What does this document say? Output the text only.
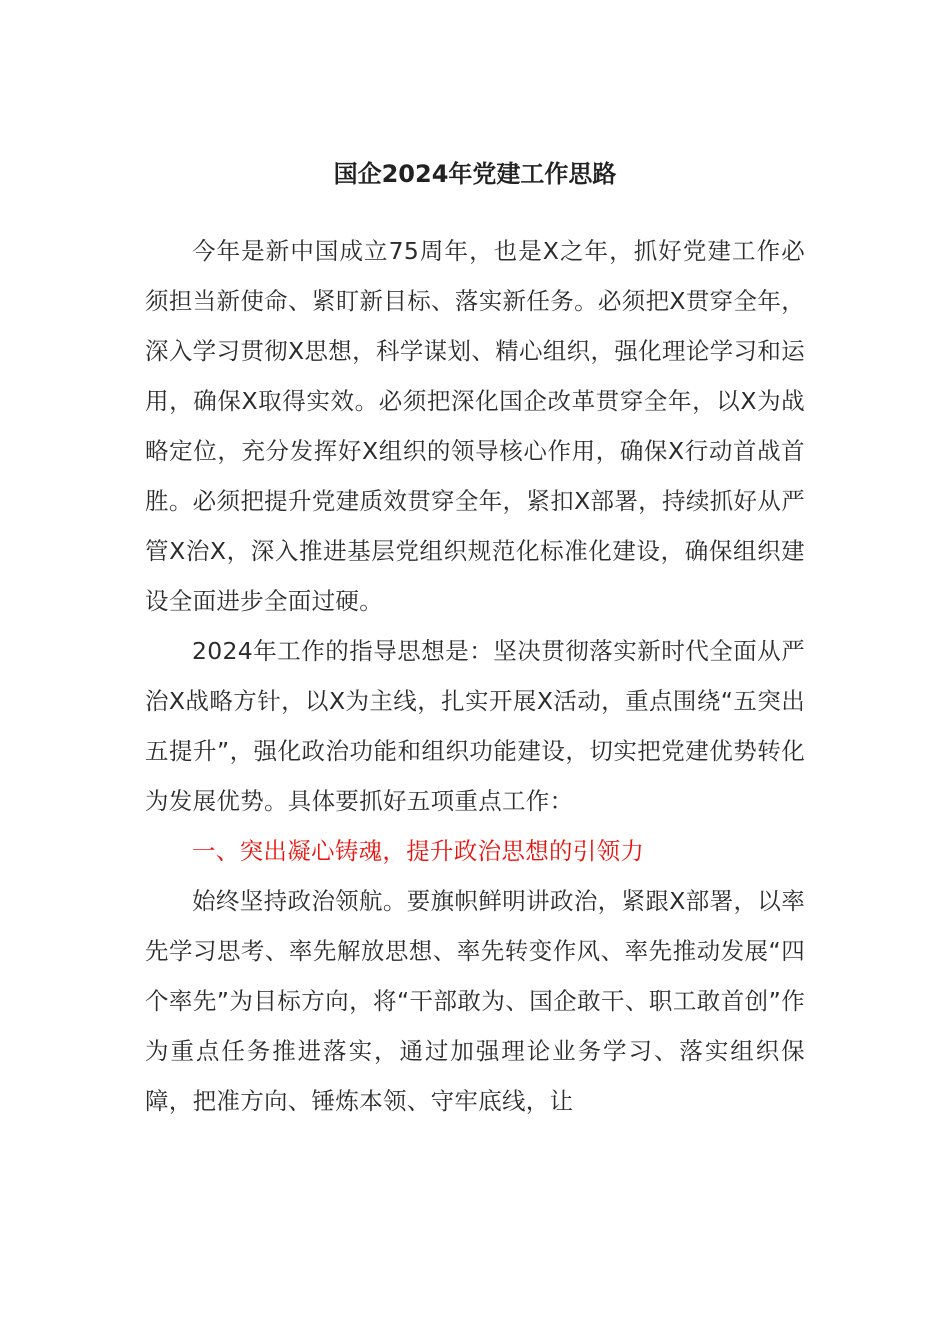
国企2024年党建工作思路

今年是新中国成立75周年，也是X之年，抓好党建工作必须担当新使命、紧盯新目标、落实新任务。必须把X贯穿全年，深入学习贯彻X思想，科学谋划、精心组织，强化理论学习和运用，确保X取得实效。必须把深化国企改革贯穿全年，以X为战略定位，充分发挥好X组织的领导核心作用，确保X行动首战首胜。必须把提升党建质效贯穿全年，紧扣X部署，持续抓好从严管X治X，深入推进基层党组织规范化标准化建设，确保组织建设全面进步全面过硬。

2024年工作的指导思想是：坚决贯彻落实新时代全面从严治X战略方针，以X为主线，扎实开展X活动，重点围绕“五突出五提升”，强化政治功能和组织功能建设，切实把党建优势转化为发展优势。具体要抓好五项重点工作：

一、突出凝心铸魂，提升政治思想的引领力

始终坚持政治领航。要旗帜鲜明讲政治，紧跟X部署，以率先学习思考、率先解放思想、率先转变作风、率先推动发展“四个率先”为目标方向，将“干部敢为、国企敢干、职工敢首创”作为重点任务推进落实，通过加强理论业务学习、落实组织保障，把准方向、锤炼本领、守牢底线，让
